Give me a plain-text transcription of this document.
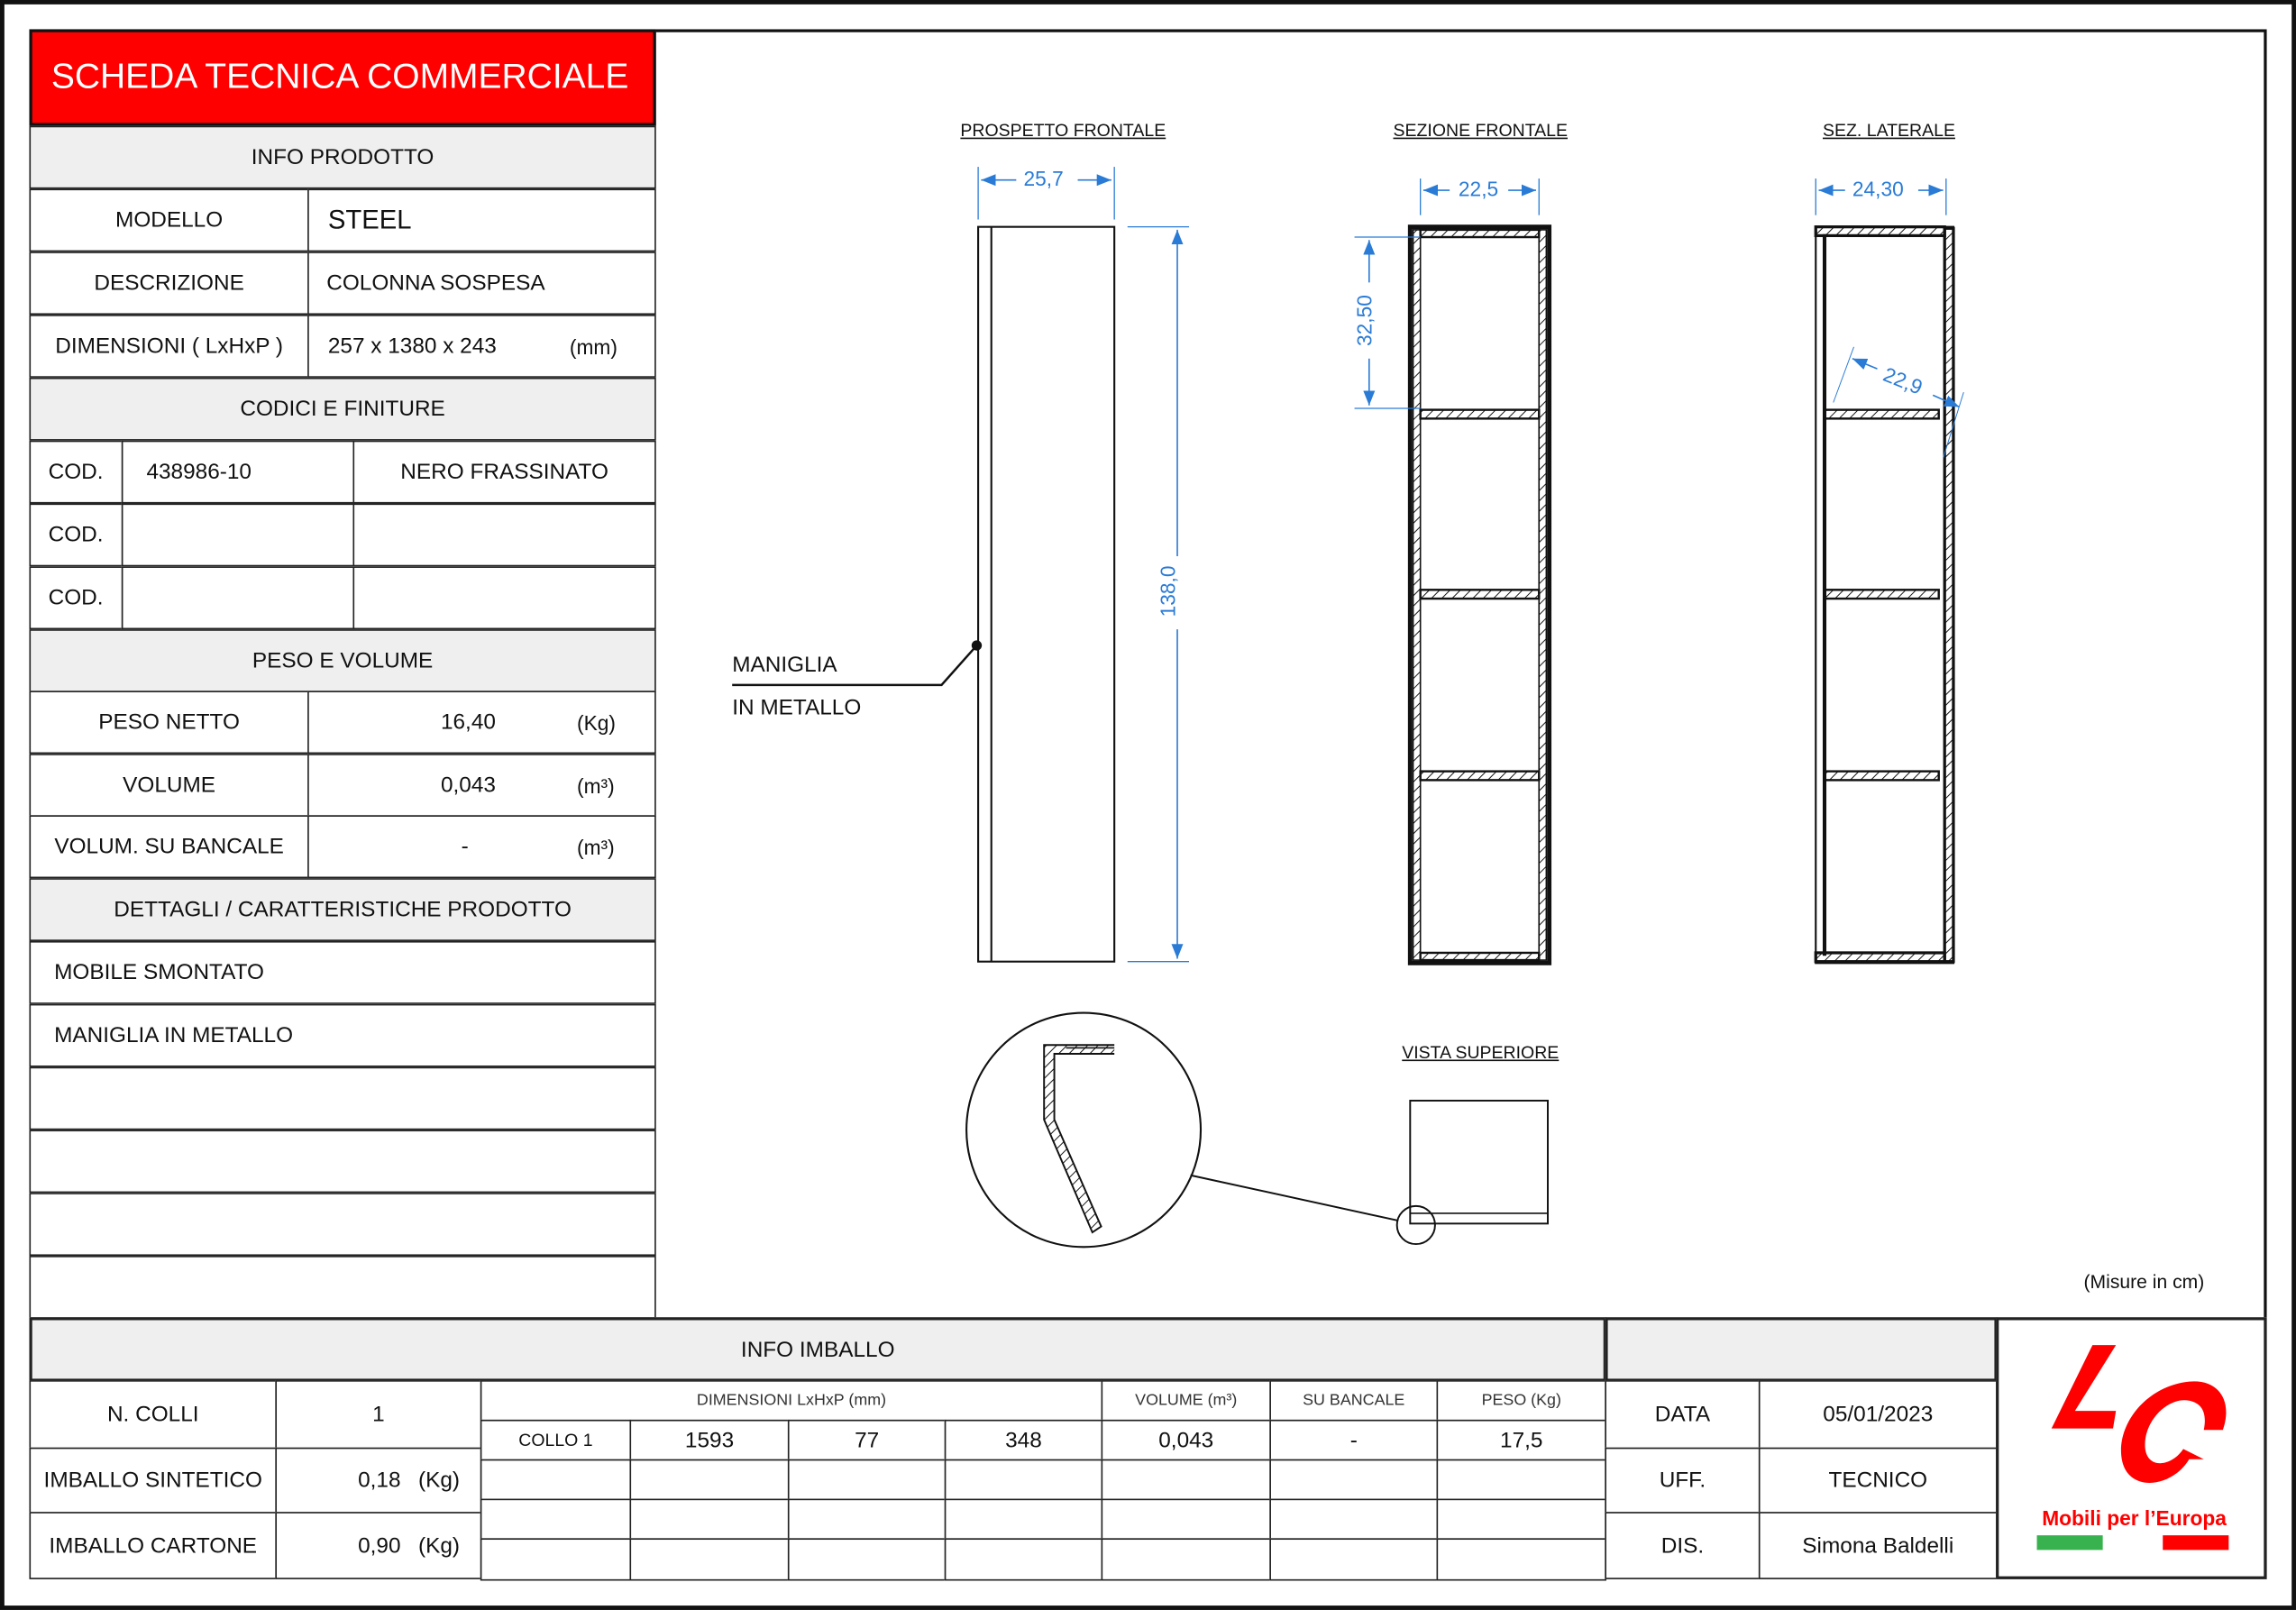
SCHEDA TECNICA COMMERCIALE
INFO PRODOTTO
MODELLO	STEEL
DESCRIZIONE	COLONNA SOSPESA
DIMENSIONI ( LxHxP )	257 x 1380 x 243	(mm)
CODICI E FINITURE
COD.	438986-10	NERO FRASSINATO
COD.
COD.
PESO E VOLUME
PESO NETTO	16,40	(Kg)
VOLUME	0,043	(m³)
VOLUM. SU BANCALE	-	(m³)
DETTAGLI / CARATTERISTICHE PRODOTTO
MOBILE SMONTATO
MANIGLIA IN METALLO
PROSPETTO FRONTALE	SEZIONE FRONTALE	SEZ. LATERALE
VISTA SUPERIORE
25,7
138,0
22,5
32,50
24,30
22,9
MANIGLIA
IN METALLO
(Misure in cm)
INFO IMBALLO
N. COLLI	1
IMBALLO SINTETICO	0,18 (Kg)
IMBALLO CARTONE	0,90 (Kg)
DIMENSIONI LxHxP (mm)	VOLUME (m³)	SU BANCALE	PESO (Kg)
COLLO 1	1593	77	348	0,043	-	17,5
DATA	05/01/2023
UFF.	TECNICO
DIS.	Simona Baldelli
Mobili per l’Europa
